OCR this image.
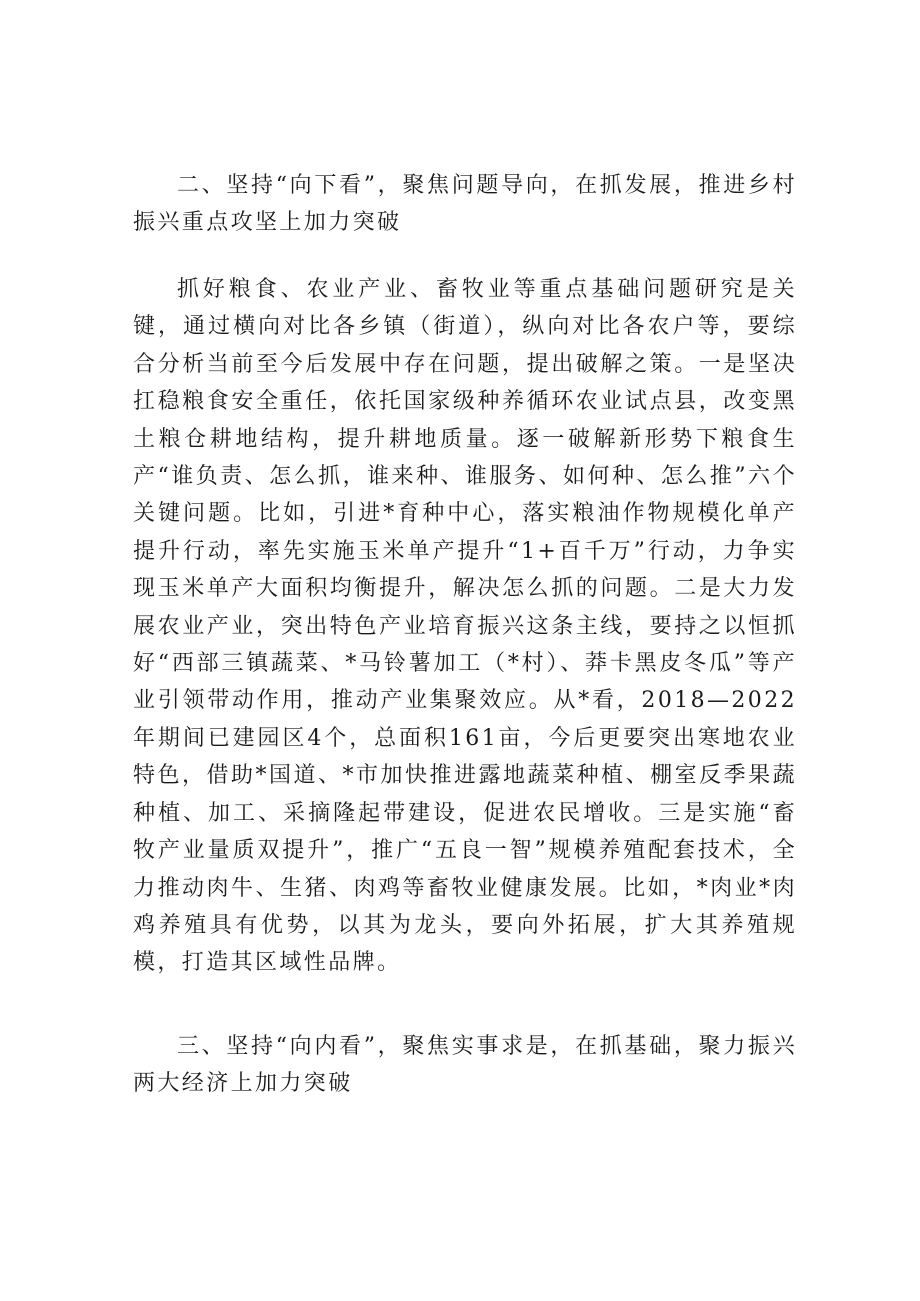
二、坚持“向下看”，聚焦问题导向，在抓发展，推进乡村振兴重点攻坚上加力突破

抓好粮食、农业产业、畜牧业等重点基础问题研究是关键，通过横向对比各乡镇（街道），纵向对比各农户等，要综合分析当前至今后发展中存在问题，提出破解之策。一是坚决扛稳粮食安全重任，依托国家级种养循环农业试点县，改变黑土粮仓耕地结构，提升耕地质量。逐一破解新形势下粮食生产“谁负责、怎么抓，谁来种、谁服务、如何种、怎么推”六个关键问题。比如，引进*育种中心，落实粮油作物规模化单产提升行动，率先实施玉米单产提升“1+百千万”行动，力争实现玉米单产大面积均衡提升，解决怎么抓的问题。二是大力发展农业产业，突出特色产业培育振兴这条主线，要持之以恒抓好“西部三镇蔬菜、*马铃薯加工（*村）、莽卡黑皮冬瓜”等产业引领带动作用，推动产业集聚效应。从*看，2018—2022年期间已建园区4个，总面积161亩，今后更要突出寒地农业特色，借助*国道、*市加快推进露地蔬菜种植、棚室反季果蔬种植、加工、采摘隆起带建设，促进农民增收。三是实施“畜牧产业量质双提升”，推广“五良一智”规模养殖配套技术，全力推动肉牛、生猪、肉鸡等畜牧业健康发展。比如，*肉业*肉鸡养殖具有优势，以其为龙头，要向外拓展，扩大其养殖规模，打造其区域性品牌。

三、坚持“向内看”，聚焦实事求是，在抓基础，聚力振兴两大经济上加力突破
